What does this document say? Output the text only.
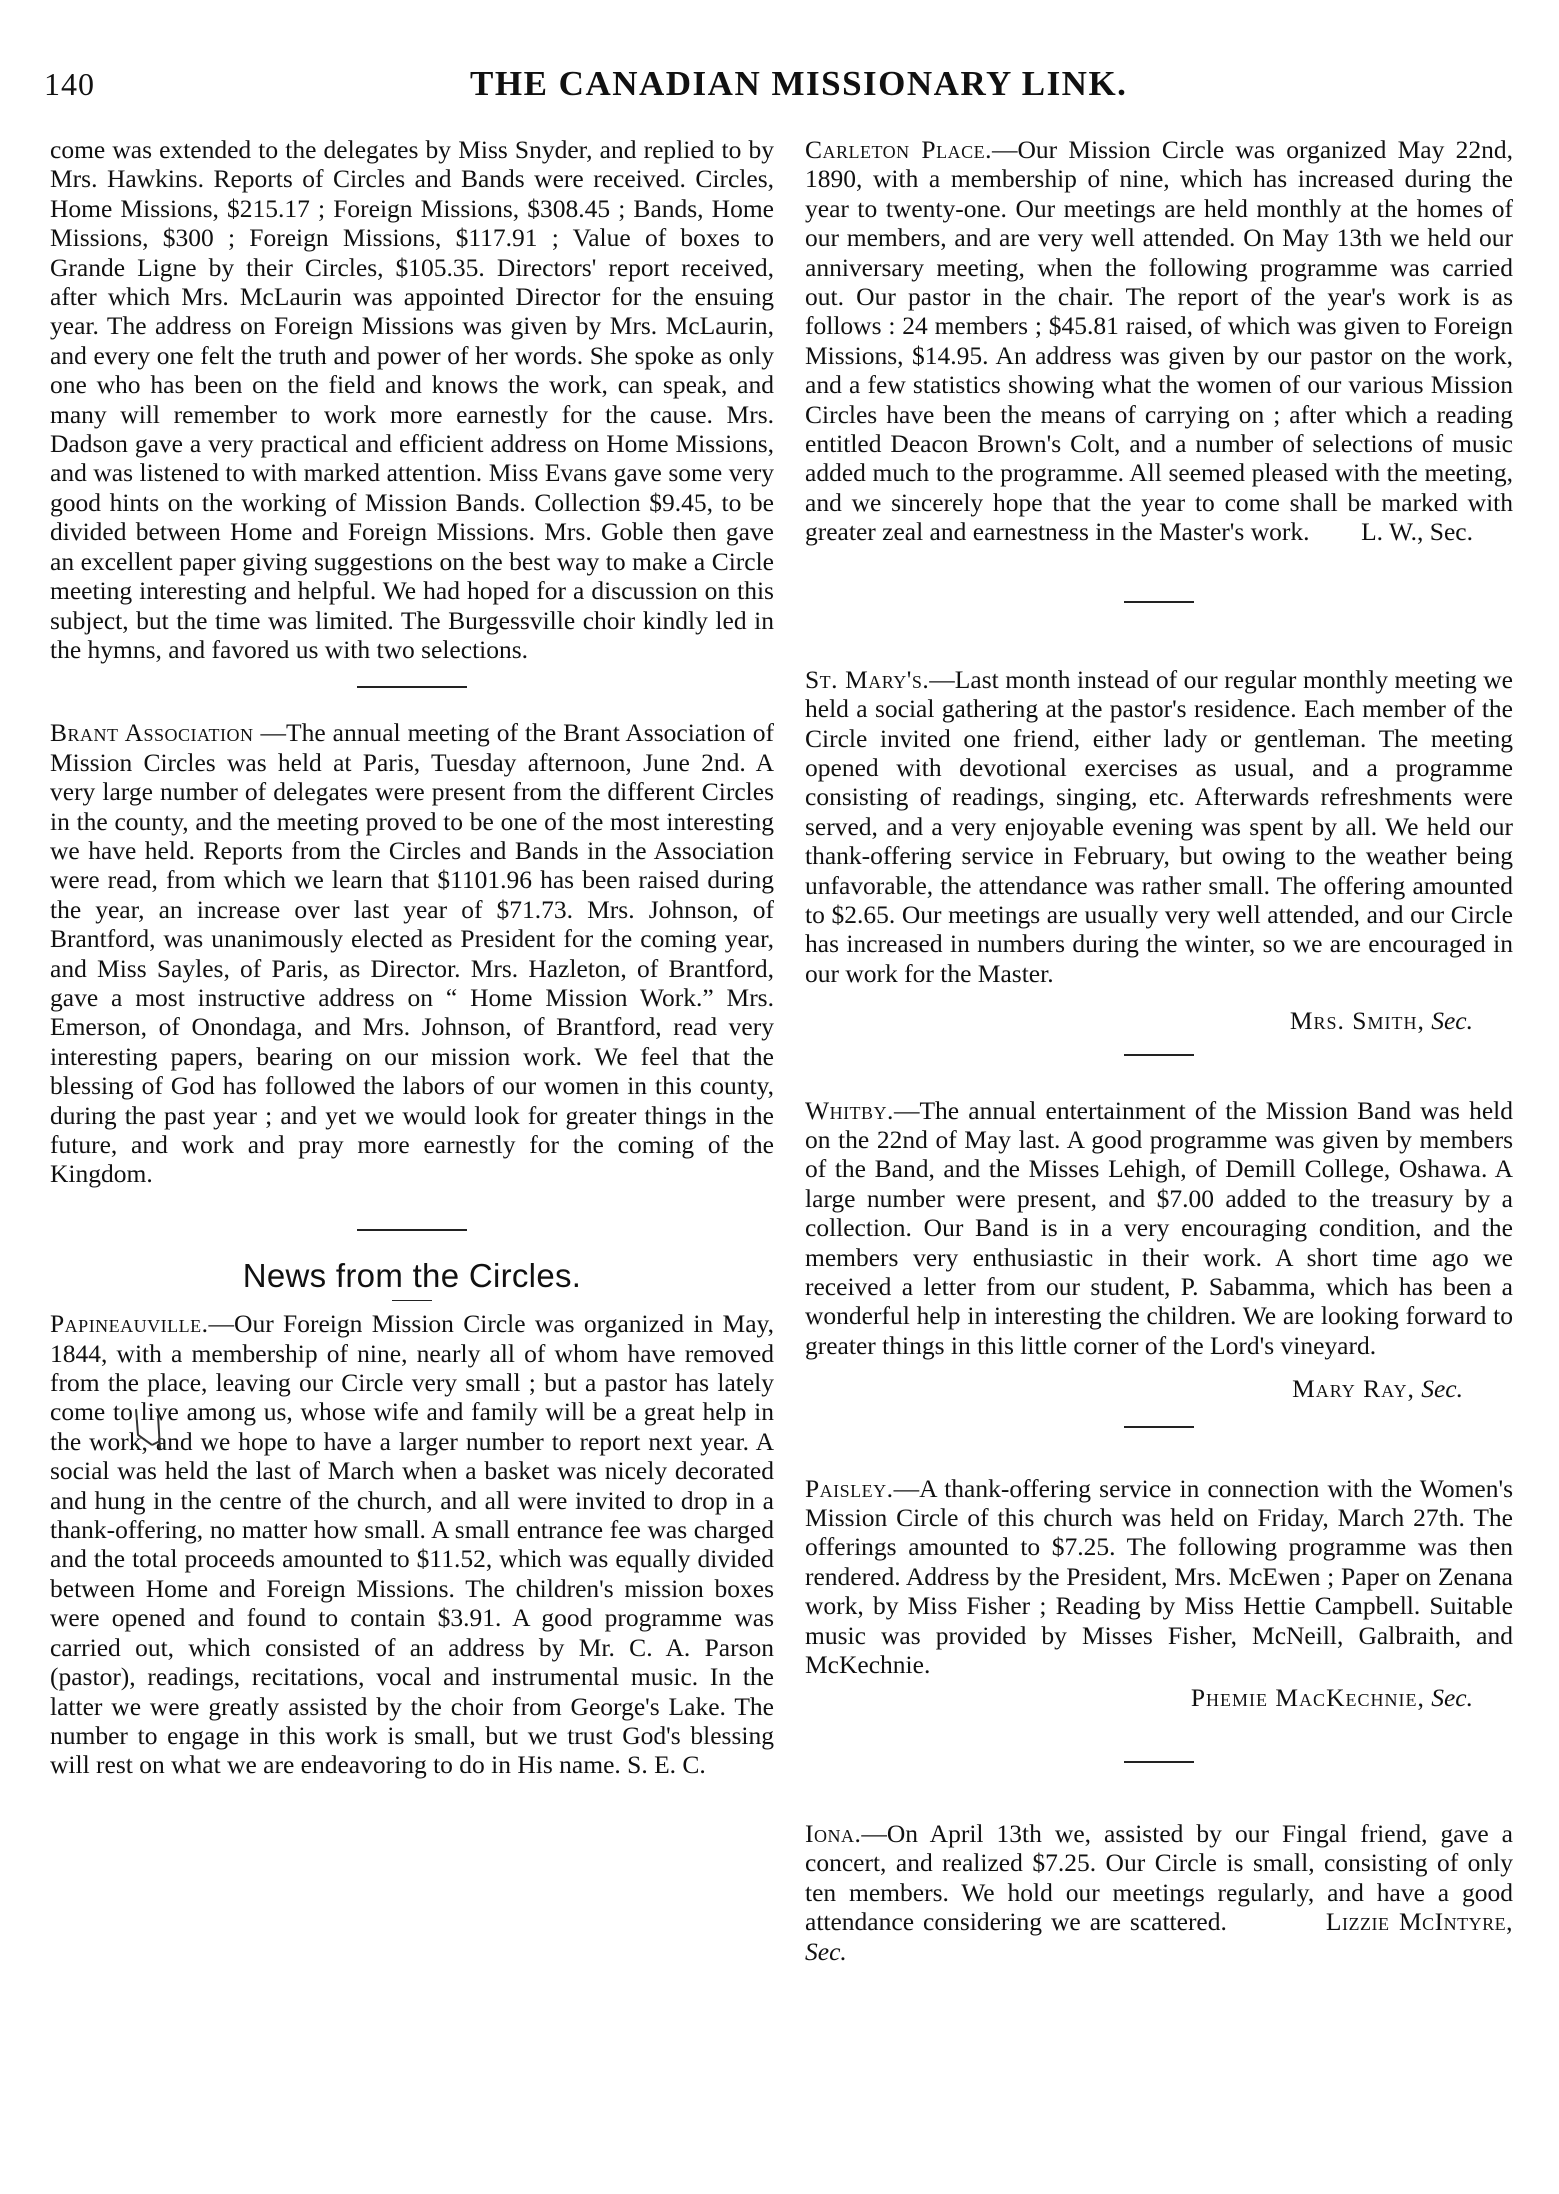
140	THE CANADIAN MISSIONARY LINK.

come was extended to the delegates by Miss Snyder, and replied to by Mrs. Hawkins. Reports of Circles and Bands were received. Circles, Home Missions, $215.17 ; Foreign Missions, $308.45 ; Bands, Home Missions, $300 ; Foreign Missions, $117.91 ; Value of boxes to Grande Ligne by their Circles, $105.35. Directors' report received, after which Mrs. McLaurin was appointed Director for the ensuing year. The address on Foreign Missions was given by Mrs. McLaurin, and every one felt the truth and power of her words. She spoke as only one who has been on the field and knows the work, can speak, and many will remember to work more earnestly for the cause. Mrs. Dadson gave a very practical and efficient address on Home Missions, and was listened to with marked attention. Miss Evans gave some very good hints on the working of Mission Bands. Collection $9.45, to be divided between Home and Foreign Missions. Mrs. Goble then gave an excellent paper giving suggestions on the best way to make a Circle meeting interesting and helpful. We had hoped for a discussion on this subject, but the time was limited. The Burgessville choir kindly led in the hymns, and favored us with two selections.

Brant Association —The annual meeting of the Brant Association of Mission Circles was held at Paris, Tuesday afternoon, June 2nd. A very large number of delegates were present from the different Circles in the county, and the meeting proved to be one of the most interesting we have held. Reports from the Circles and Bands in the Association were read, from which we learn that $1101.96 has been raised during the year, an increase over last year of $71.73. Mrs. Johnson, of Brantford, was unanimously elected as President for the coming year, and Miss Sayles, of Paris, as Director. Mrs. Hazleton, of Brantford, gave a most instructive address on “ Home Mission Work.” Mrs. Emerson, of Onondaga, and Mrs. Johnson, of Brantford, read very interesting papers, bearing on our mission work. We feel that the blessing of God has followed the labors of our women in this county, during the past year ; and yet we would look for greater things in the future, and work and pray more earnestly for the coming of the Kingdom.

News from the Circles.

Papineauville.—Our Foreign Mission Circle was organized in May, 1844, with a membership of nine, nearly all of whom have removed from the place, leaving our Circle very small ; but a pastor has lately come to live among us, whose wife and family will be a great help in the work, and we hope to have a larger number to report next year. A social was held the last of March when a basket was nicely decorated and hung in the centre of the church, and all were invited to drop in a thank-offering, no matter how small. A small entrance fee was charged and the total proceeds amounted to $11.52, which was equally divided between Home and Foreign Missions. The children's mission boxes were opened and found to contain $3.91. A good programme was carried out, which consisted of an address by Mr. C. A. Parson (pastor), readings, recitations, vocal and instrumental music. In the latter we were greatly assisted by the choir from George's Lake. The number to engage in this work is small, but we trust God's blessing will rest on what we are endeavoring to do in His name. S. E. C.

Carleton Place.—Our Mission Circle was organized May 22nd, 1890, with a membership of nine, which has increased during the year to twenty-one. Our meetings are held monthly at the homes of our members, and are very well attended. On May 13th we held our anniversary meeting, when the following programme was carried out. Our pastor in the chair. The report of the year's work is as follows : 24 members ; $45.81 raised, of which was given to Foreign Missions, $14.95. An address was given by our pastor on the work, and a few statistics showing what the women of our various Mission Circles have been the means of carrying on ; after which a reading entitled Deacon Brown's Colt, and a number of selections of music added much to the programme. All seemed pleased with the meeting, and we sincerely hope that the year to come shall be marked with greater zeal and earnestness in the Master's work. L. W., Sec.

St. Mary's.—Last month instead of our regular monthly meeting we held a social gathering at the pastor's residence. Each member of the Circle invited one friend, either lady or gentleman. The meeting opened with devotional exercises as usual, and a programme consisting of readings, singing, etc. Afterwards refreshments were served, and a very enjoyable evening was spent by all. We held our thank-offering service in February, but owing to the weather being unfavorable, the attendance was rather small. The offering amounted to $2.65. Our meetings are usually very well attended, and our Circle has increased in numbers during the winter, so we are encouraged in our work for the Master.

Mrs. Smith, Sec.

Whitby.—The annual entertainment of the Mission Band was held on the 22nd of May last. A good programme was given by members of the Band, and the Misses Lehigh, of Demill College, Oshawa. A large number were present, and $7.00 added to the treasury by a collection. Our Band is in a very encouraging condition, and the members very enthusiastic in their work. A short time ago we received a letter from our student, P. Sabamma, which has been a wonderful help in interesting the children. We are looking forward to greater things in this little corner of the Lord's vineyard.

Mary Ray, Sec.

Paisley.—A thank-offering service in connection with the Women's Mission Circle of this church was held on Friday, March 27th. The offerings amounted to $7.25. The following programme was then rendered. Address by the President, Mrs. McEwen ; Paper on Zenana work, by Miss Fisher ; Reading by Miss Hettie Campbell. Suitable music was provided by Misses Fisher, McNeill, Galbraith, and McKechnie.

Phemie MacKechnie, Sec.

Iona.—On April 13th we, assisted by our Fingal friend, gave a concert, and realized $7.25. Our Circle is small, consisting of only ten members. We hold our meetings regularly, and have a good attendance considering we are scattered.	Lizzie McIntyre, Sec.
